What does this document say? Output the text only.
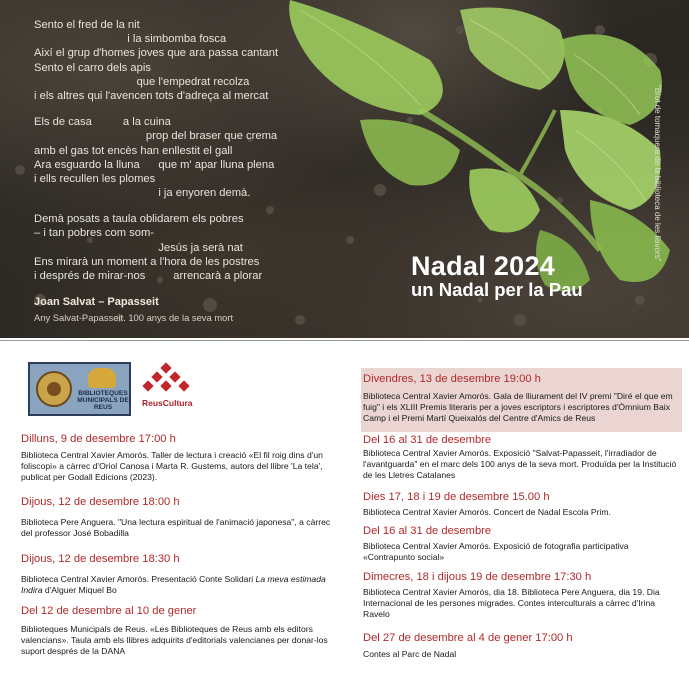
Sento el fred de la nit
i la simbomba fosca
Així el grup d'homes joves que ara passa cantant
Sento el carro dels apis
que l'empedrat recolza
i els altres qui l'avencen tots d'adreça al mercat
Els de casa          a la cuina
prop del braser que crema
amb el gas tot encès han enllestit el gall
Ara esguardo la lluna      que m' apar lluna plena
i ells recullen les plomes
i ja enyoren demà.
Demà posats a taula oblidarem els pobres
– i tan pobres com som-
Jesús ja serà nat
Ens mirarà un moment a l'hora de les postres
i després de mirar-nos         arrencarà a plorar
Joan Salvat – Papasseit
Any Salvat-Papasseit. 100 anys de la seva mort
"Brot de tomaquera de la biblioteca de les llavors"
Nadal 2024
un Nadal per la Pau
BIBLIOTEQUES MUNICIPALS DE REUS	ReusCultura
Dilluns, 9 de desembre 17:00 h
Biblioteca Central Xavier Amorós. Taller de lectura i creació «El fil roig dins d'un foliscopi» a càrrec d'Oriol Canosa i Marta R. Gustems, autors del llibre 'La tela', publicat per Godall Edicions (2023).
Dijous, 12 de desembre 18:00 h
Biblioteca Pere Anguera. "Una lectura espiritual de l'animació japonesa", a càrrec del professor José Bobadilla
Dijous, 12 de desembre 18:30 h
Biblioteca Central Xavier Amorós. Presentació Conte Solidari La meva estimada Indira d'Alguer Miquel Bo
Del 12 de desembre al 10 de gener
Biblioteques Municipals de Reus. «Les Biblioteques de Reus amb els editors valencians». Taula amb els llibres adquirits d'editorials valencianes per donar-los suport després de la DANA
Divendres, 13 de desembre 19:00 h
Biblioteca Central Xavier Amorós. Gala de lliurament del IV premi "Diré el que em fuig" i els XLIII Premis literaris per a joves escriptors i escriptores d'Òmnium Baix Camp i el Premi Martí Queixalós del Centre d'Amics de Reus
Del 16 al 31 de desembre
Biblioteca Central Xavier Amorós. Exposició "Salvat-Papasseit, l'irradiador de l'avantguarda" en el marc dels 100 anys de la seva mort. Produïda per la Institució de les Lletres Catalanes
Dies 17, 18 i 19 de desembre 15.00 h
Biblioteca Central Xavier Amorós. Concert de Nadal Escola Prim.
Del 16 al 31 de desembre
Biblioteca Central Xavier Amorós. Exposició de fotografia participativa «Contrapunto social»
Dimecres, 18 i dijous 19 de desembre 17:30 h
Biblioteca Central Xavier Amorós, dia 18. Biblioteca Pere Anguera, dia 19. Dia Internacional de les persones migrades. Contes interculturals a càrrec d'Irina Ravelo
Del 27 de desembre al 4 de gener 17:00 h
Contes al Parc de Nadal
